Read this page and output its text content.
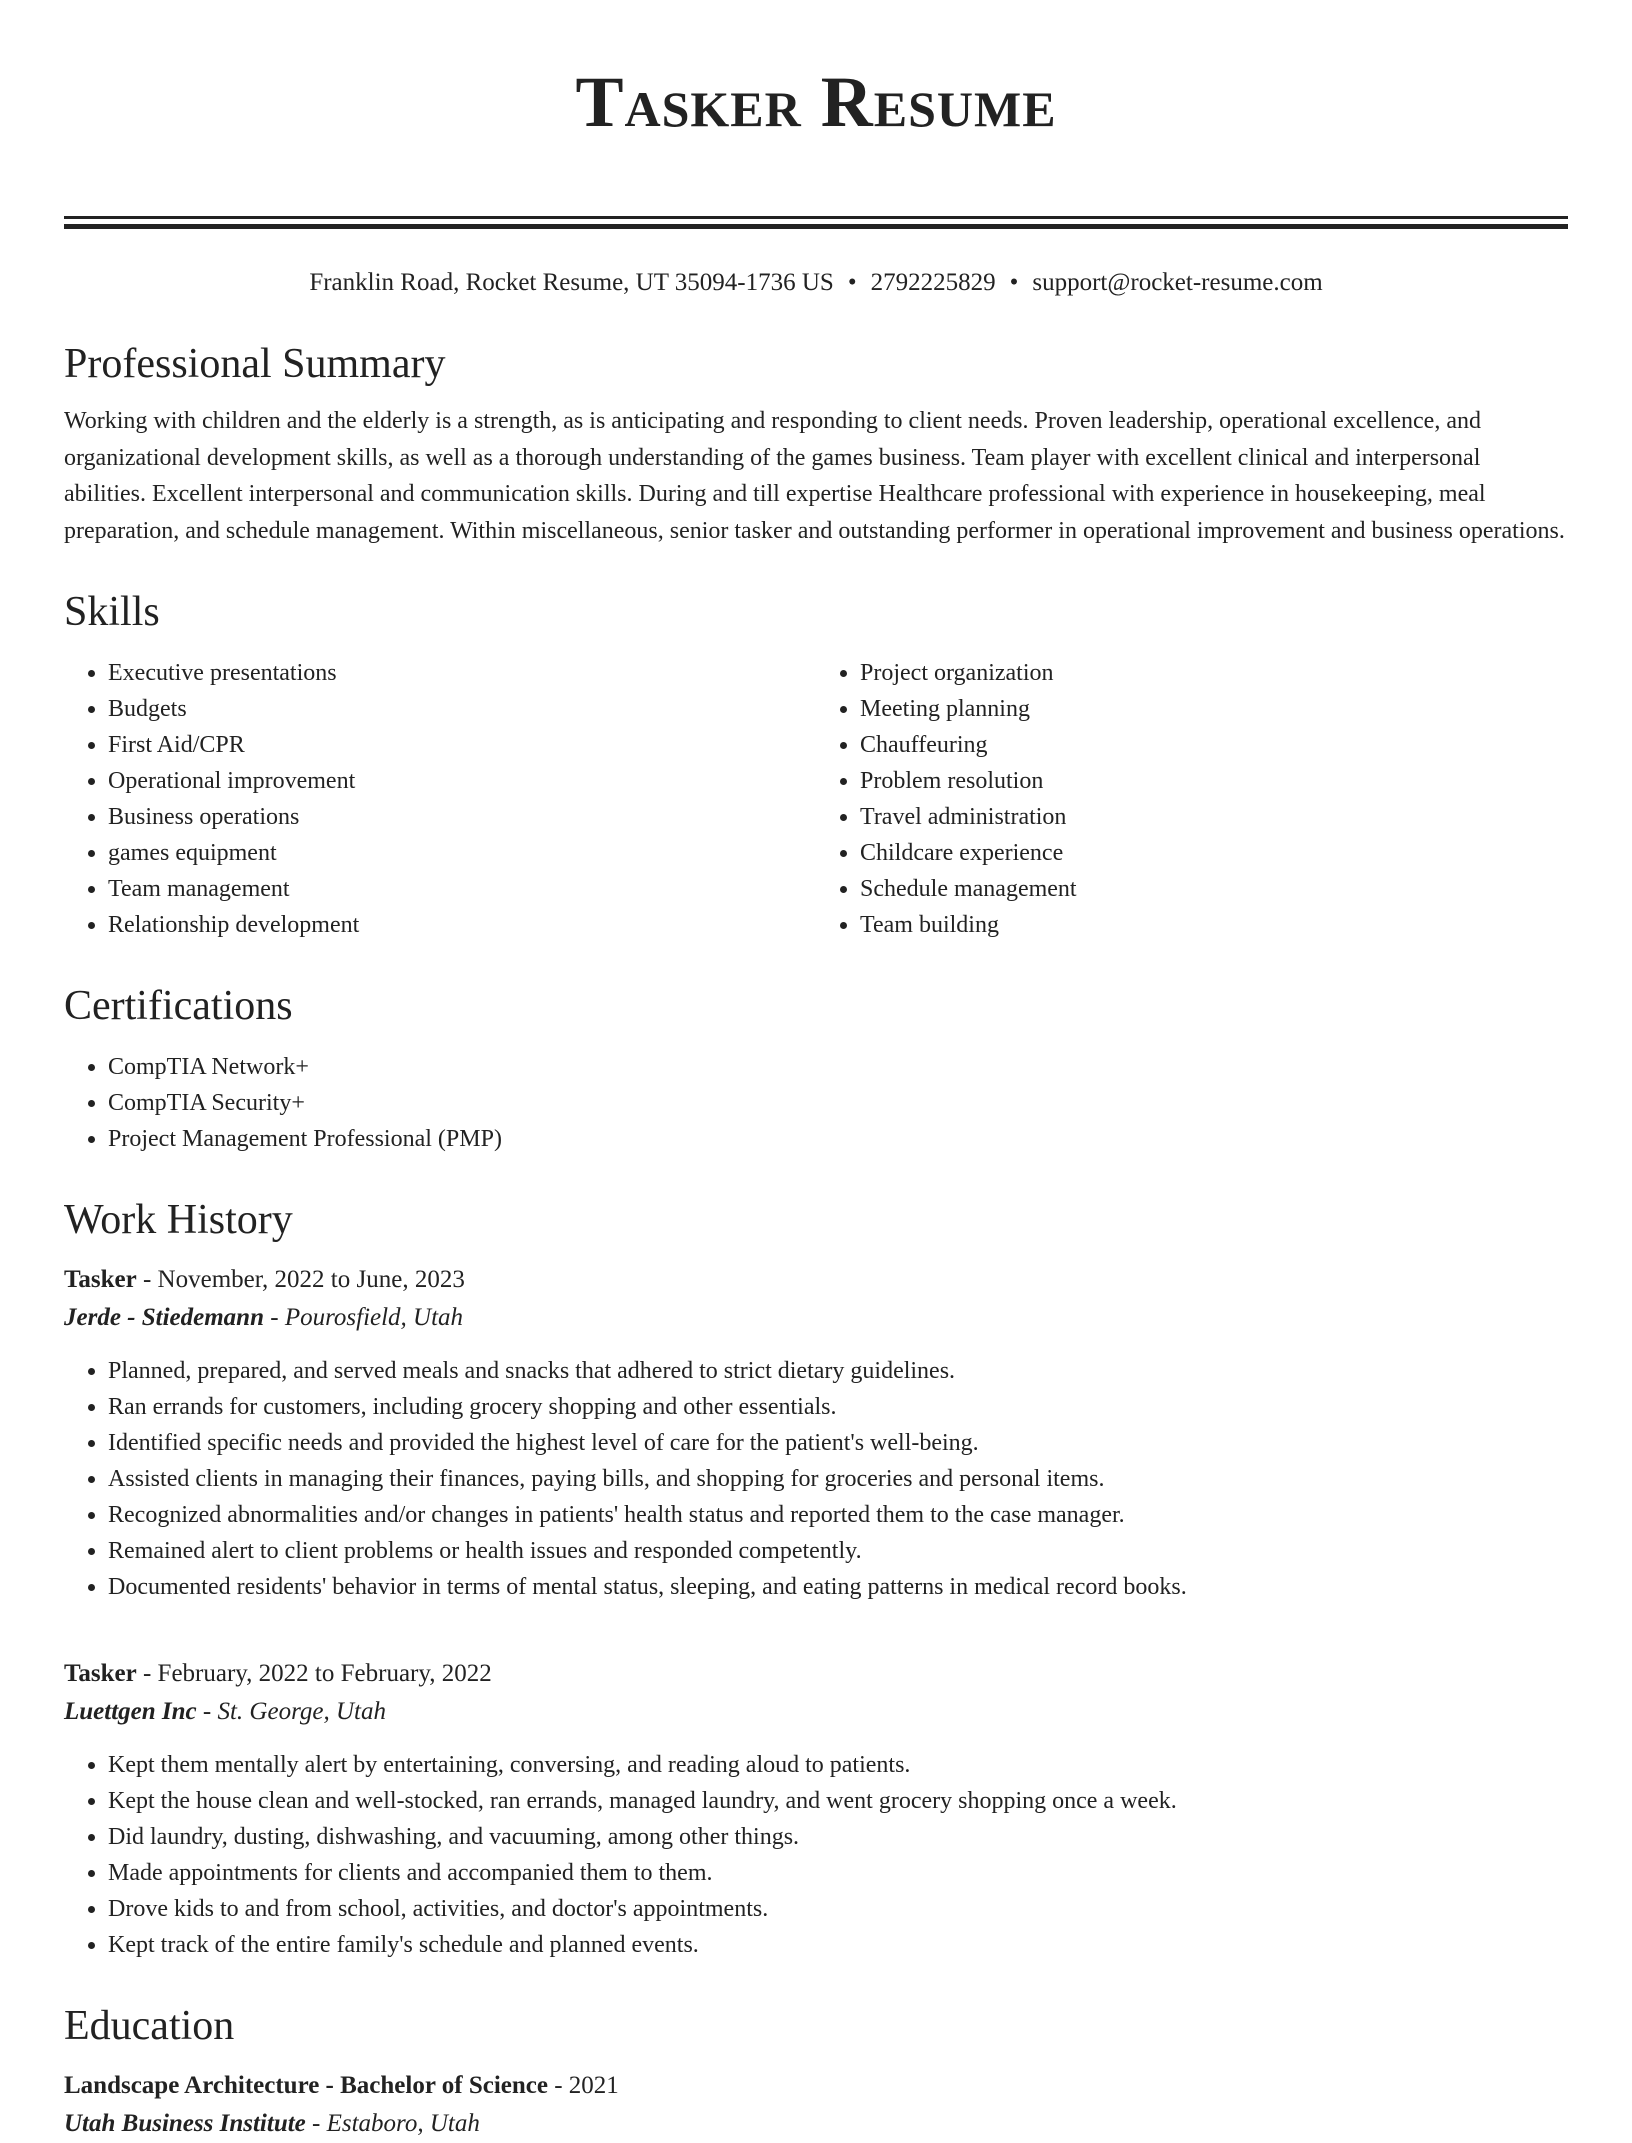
Tasker Resume
Franklin Road, Rocket Resume, UT 35094-1736 US • 2792225829 • support@rocket-resume.com
Professional Summary

Working with children and the elderly is a strength, as is anticipating and responding to client needs. Proven leadership, operational excellence, and organizational development skills, as well as a thorough understanding of the games business. Team player with excellent clinical and interpersonal abilities. Excellent interpersonal and communication skills. During and till expertise Healthcare professional with experience in housekeeping, meal preparation, and schedule management. Within miscellaneous, senior tasker and outstanding performer in operational improvement and business operations.

Skills
• Executive presentations
• Budgets
• First Aid/CPR
• Operational improvement
• Business operations
• games equipment
• Team management
• Relationship development
• Project organization
• Meeting planning
• Chauffeuring
• Problem resolution
• Travel administration
• Childcare experience
• Schedule management
• Team building
Certifications
• CompTIA Network+
• CompTIA Security+
• Project Management Professional (PMP)
Work History
Tasker - November, 2022 to June, 2023
Jerde - Stiedemann - Pourosfield, Utah
• Planned, prepared, and served meals and snacks that adhered to strict dietary guidelines.
• Ran errands for customers, including grocery shopping and other essentials.
• Identified specific needs and provided the highest level of care for the patient's well-being.
• Assisted clients in managing their finances, paying bills, and shopping for groceries and personal items.
• Recognized abnormalities and/or changes in patients' health status and reported them to the case manager.
• Remained alert to client problems or health issues and responded competently.
• Documented residents' behavior in terms of mental status, sleeping, and eating patterns in medical record books.
Tasker - February, 2022 to February, 2022
Luettgen Inc - St. George, Utah
• Kept them mentally alert by entertaining, conversing, and reading aloud to patients.
• Kept the house clean and well-stocked, ran errands, managed laundry, and went grocery shopping once a week.
• Did laundry, dusting, dishwashing, and vacuuming, among other things.
• Made appointments for clients and accompanied them to them.
• Drove kids to and from school, activities, and doctor's appointments.
• Kept track of the entire family's schedule and planned events.
Education
Landscape Architecture - Bachelor of Science - 2021
Utah Business Institute - Estaboro, Utah
